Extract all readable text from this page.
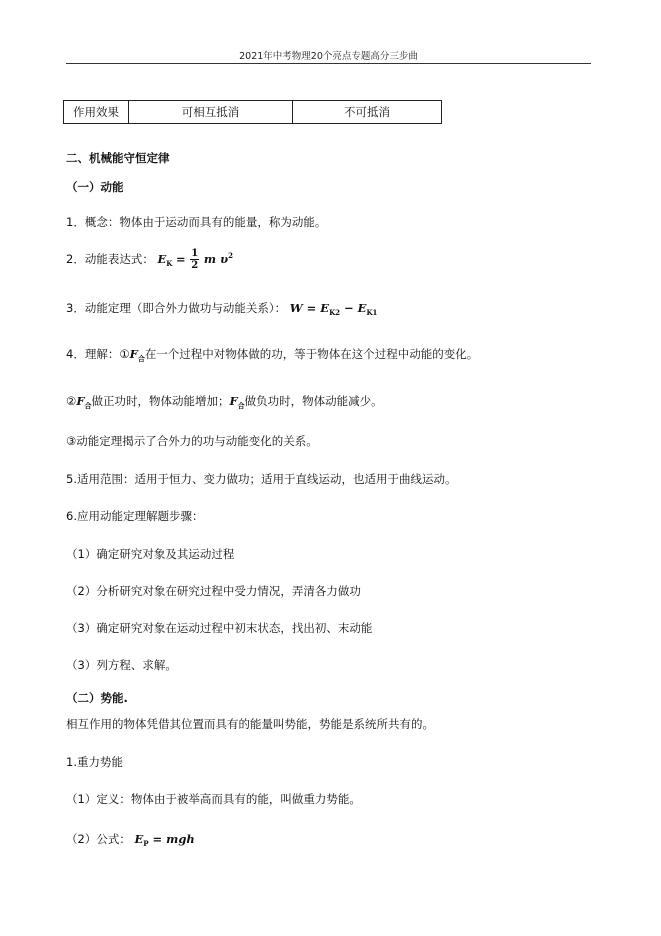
2021年中考物理20个亮点专题高分三步曲
作用效果	可相互抵消	不可抵消
二、机械能守恒定律
（一）动能
1．概念：物体由于运动而具有的能量，称为动能。
2．动能表达式： $E_K = \frac{1}{2}$ m $\upsilon^2$
3．动能定理（即合外力做功与动能关系）： $W = E_{K2} - E_{K1}$
4．理解：$①F_合$在一个过程中对物体做的功，等于物体在这个过程中动能的变化。
$②F_合$做正功时，物体动能增加；$F_合$做负功时，物体动能减少。
③动能定理揭示了合外力的功与动能变化的关系。
5.适用范围：适用于恒力、变力做功；适用于直线运动，也适用于曲线运动。
6.应用动能定理解题步骤：
（1）确定研究对象及其运动过程
（2）分析研究对象在研究过程中受力情况，弄清各力做功
（3）确定研究对象在运动过程中初末状态，找出初、末动能
（3）列方程、求解。
（二）势能.
相互作用的物体凭借其位置而具有的能量叫势能，势能是系统所共有的。
1.重力势能
（1）定义：物体由于被举高而具有的能，叫做重力势能。
（2）公式： $E_P$ = mgh
